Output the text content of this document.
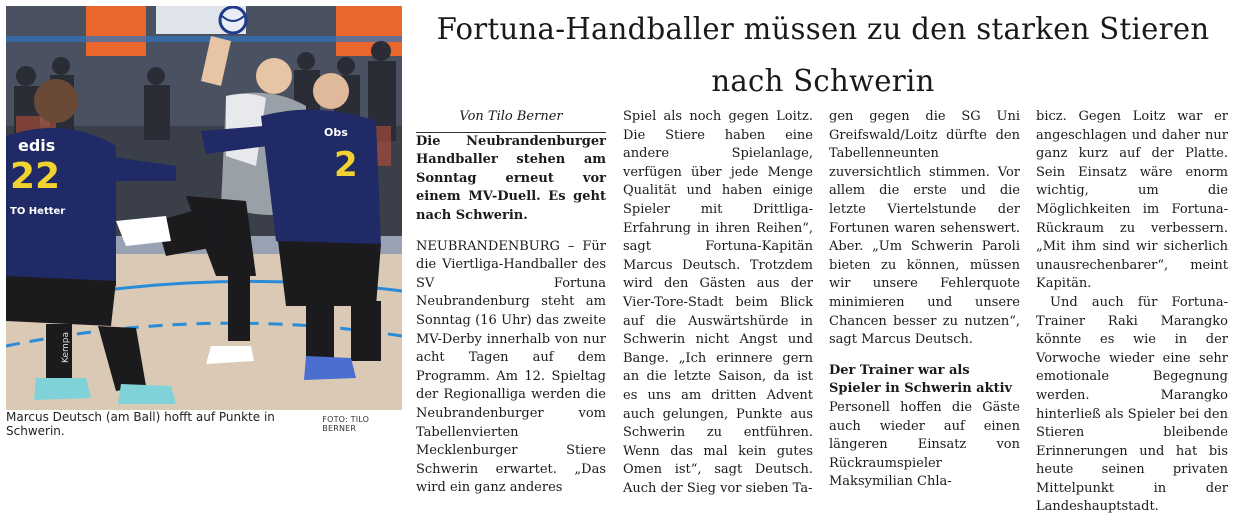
edis
22
TO Hetter
Kempa
Obs
2
Marcus Deutsch (am Ball) hofft auf Punkte in Schwerin.
FOTO: TILO BERNER
Fortuna-Handballer müssen zu den starken Stieren nach Schwerin

Von Tilo Berner

Die Neubrandenburger Handballer stehen am Sonntag erneut vor einem MV-Duell. Es geht nach Schwerin.

NEUBRANDENBURG – Für die Viertliga-Handballer des SV Fortuna Neubrandenburg steht am Sonntag (16 Uhr) das zweite MV-Derby innerhalb von nur acht Tagen auf dem Programm. Am 12. Spieltag der Regionalliga werden die Neubrandenburger vom Tabellenvierten Mecklenburger Stiere Schwerin erwartet. „Das wird ein ganz anderes

Spiel als noch gegen Loitz. Die Stiere haben eine andere Spielanlage, verfügen über jede Menge Qualität und haben einige Spieler mit Drittliga-Erfahrung in ihren Reihen“, sagt Fortuna-Kapitän Marcus Deutsch. Trotzdem wird den Gästen aus der Vier-Tore-Stadt beim Blick auf die Auswärtshürde in Schwerin nicht Angst und Bange. „Ich erinnere gern an die letzte Saison, da ist es uns am dritten Advent auch gelungen, Punkte aus Schwerin zu entführen. Wenn das mal kein gutes Omen ist“, sagt Deutsch. Auch der Sieg vor sieben Ta-

gen gegen die SG Uni Greifswald/Loitz dürfte den Tabellenneunten zuversichtlich stimmen. Vor allem die erste und die letzte Viertelstunde der Fortunen waren sehenswert. Aber. „Um Schwerin Paroli bieten zu können, müssen wir unsere Fehlerquote minimieren und unsere Chancen besser zu nutzen“, sagt Marcus Deutsch.

Der Trainer war als Spieler in Schwerin aktiv

Personell hoffen die Gäste auch wieder auf einen längeren Einsatz von Rückraumspieler Maksymilian Chla-

bicz. Gegen Loitz war er angeschlagen und daher nur ganz kurz auf der Platte. Sein Einsatz wäre enorm wichtig, um die Möglichkeiten im Fortuna-Rückraum zu verbessern. „Mit ihm sind wir sicherlich unausrechenbarer“, meint Kapitän.

Und auch für Fortuna-Trainer Raki Marangko könnte es wie in der Vorwoche wieder eine sehr emotionale Begegnung werden. Marangko hinterließ als Spieler bei den Stieren bleibende Erinnerungen und hat bis heute seinen privaten Mittelpunkt in der Landeshauptstadt.
